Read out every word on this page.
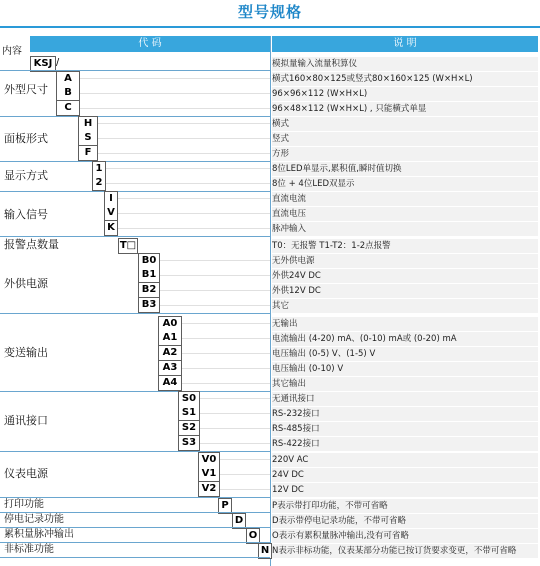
型号规格
代 码	说 明
内容
KSJ /	模拟量输入流量积算仪
外型尺寸
A	横式160×80×125或竖式80×160×125 (W×H×L)
B	96×96×112 (W×H×L)
C	96×48×112 (W×H×L) , 只能横式单显
面板形式
H	横式
S	竖式
F	方形
显示方式
1	8位LED单显示,累积值,瞬时值切换
2	8位 + 4位LED双显示
输入信号
I	直流电流
V	直流电压
K	脉冲输入
外供电源
B0	无外供电源
B1	外供24V DC
B2	外供12V DC
B3	其它
变送输出
A0	无输出
A1	电流输出 (4-20) mA、(0-10) mA或 (0-20) mA
A2	电压输出 (0-5) V、(1-5) V
A3	电压输出 (0-10) V
A4	其它输出
通讯接口
S0	无通讯接口
S1	RS-232接口
S2	RS-485接口
S3	RS-422接口
仪表电源
V0	220V AC
V1	24V DC
V2	12V DC
报警点数量	T□	T0：无报警 T1-T2：1-2点报警
打印功能	P	P表示带打印功能，不带可省略
停电记录功能	D	D表示带停电记录功能，不带可省略
累积量脉冲输出	O	O表示有累积量脉冲输出,没有可省略
非标准功能	N N表示非标功能，仪表某部分功能已按订货要求变更，不带可省略
